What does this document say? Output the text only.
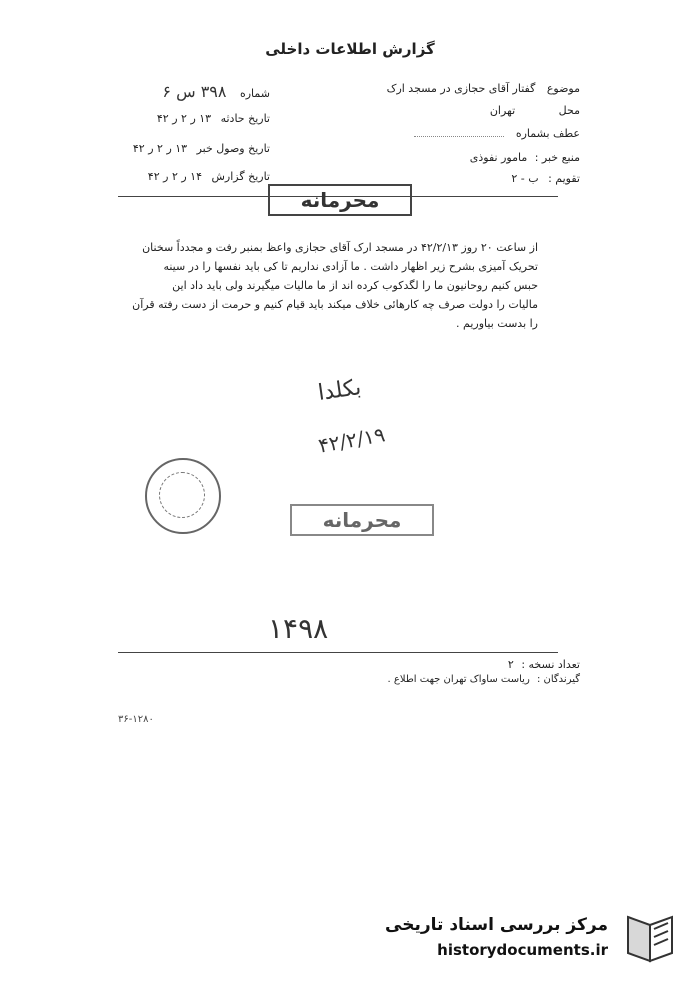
گزارش اطلاعات داخلی
شماره ۳۹۸ س ۶
تاریخ حادثه ۱۳ ر ۲ ر ۴۲
تاریخ وصول خبر ۱۳ ر ۲ ر ۴۲
تاریخ گزارش ۱۴ ر ۲ ر ۴۲
موضوع گفتار آقای حجازی در مسجد ارک
محل تهران
عطف بشماره
منبع خبر : مامور نفوذی
تقویم : ب - ۲
محرمانه
از ساعت ۲۰ روز ۴۲/۲/۱۳ در مسجد ارک آقای حجازی واعظ بمنبر رفت و مجدداً سخنان
تحریک آمیزی بشرح زیر اظهار داشت . ما آزادی نداریم تا کی باید نفسها را در سینه
حبس کنیم روحانیون ما را لگدکوب کرده اند از ما مالیات میگیرند ولی باید داد این
مالیات را دولت صرف چه کارهائی خلاف میکند باید قیام کنیم و حرمت از دست رفته قرآن
را بدست بیاوریم .
بکلدا
۴۲/۲/۱۹
محرمانه
۱۴۹۸
تعداد نسخه : ۲
گیرندگان : ریاست ساواک تهران جهت اطلاع .
۳۶-۱۲۸۰
مرکز بررسی اسناد تاریخی
historydocuments.ir
